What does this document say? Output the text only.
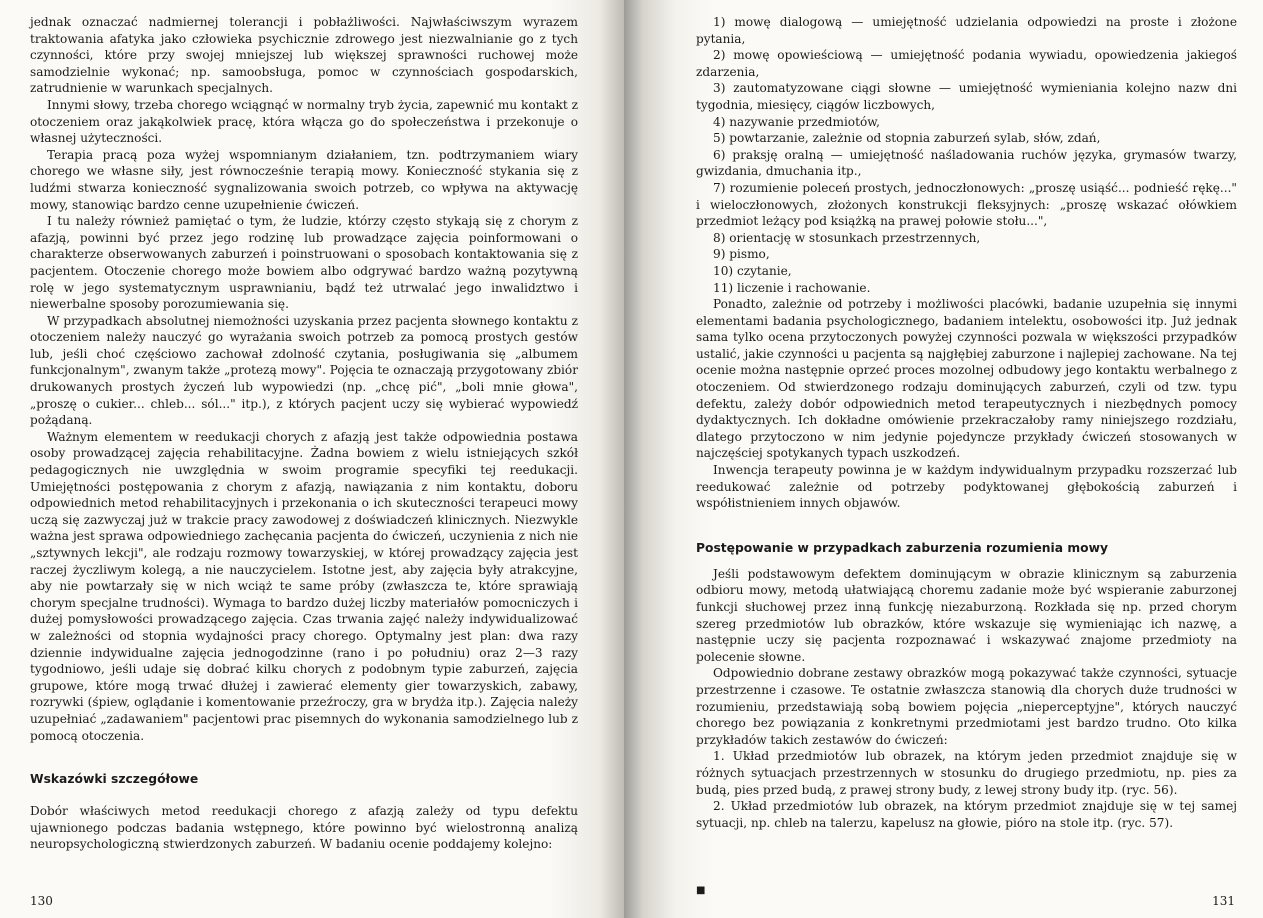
jednak oznaczać nadmiernej tolerancji i pobłażliwości. Najwłaściwszym wyrazem traktowania afatyka jako człowieka psychicznie zdrowego jest niezwalnianie go z tych czynności, które przy swojej mniejszej lub większej sprawności ruchowej może samodzielnie wykonać; np. samoobsługa, pomoc w czynnościach gospodarskich, zatrudnienie w warunkach specjalnych.

Innymi słowy, trzeba chorego wciągnąć w normalny tryb życia, zapewnić mu kontakt z otoczeniem oraz jakąkolwiek pracę, która włącza go do społeczeństwa i przekonuje o własnej użyteczności.

Terapia pracą poza wyżej wspomnianym działaniem, tzn. podtrzymaniem wiary chorego we własne siły, jest równocześnie terapią mowy. Konieczność stykania się z ludźmi stwarza konieczność sygnalizowania swoich potrzeb, co wpływa na aktywację mowy, stanowiąc bardzo cenne uzupełnienie ćwiczeń.

I tu należy również pamiętać o tym, że ludzie, którzy często stykają się z chorym z afazją, powinni być przez jego rodzinę lub prowadzące zajęcia poinformowani o charakterze obserwowanych zaburzeń i poinstruowani o sposobach kontaktowania się z pacjentem. Otoczenie chorego może bowiem albo odgrywać bardzo ważną pozytywną rolę w jego systematycznym usprawnianiu, bądź też utrwalać jego inwalidztwo i niewerbalne sposoby porozumiewania się.

W przypadkach absolutnej niemożności uzyskania przez pacjenta słownego kontaktu z otoczeniem należy nauczyć go wyrażania swoich potrzeb za pomocą prostych gestów lub, jeśli choć częściowo zachował zdolność czytania, posługiwania się „albumem funkcjonalnym", zwanym także „protezą mowy". Pojęcia te oznaczają przygotowany zbiór drukowanych prostych życzeń lub wypowiedzi (np. „chcę pić", „boli mnie głowa", „proszę o cukier... chleb... sól..." itp.), z których pacjent uczy się wybierać wypowiedź pożądaną.

Ważnym elementem w reedukacji chorych z afazją jest także odpowiednia postawa osoby prowadzącej zajęcia rehabilitacyjne. Żadna bowiem z wielu istniejących szkół pedagogicznych nie uwzględnia w swoim programie specyfiki tej reedukacji. Umiejętności postępowania z chorym z afazją, nawiązania z nim kontaktu, doboru odpowiednich metod rehabilitacyjnych i przekonania o ich skuteczności terapeuci mowy uczą się zazwyczaj już w trakcie pracy zawodowej z doświadczeń klinicznych. Niezwykle ważna jest sprawa odpowiedniego zachęcania pacjenta do ćwiczeń, uczynienia z nich nie „sztywnych lekcji", ale rodzaju rozmowy towarzyskiej, w której prowadzący zajęcia jest raczej życzliwym kolegą, a nie nauczycielem. Istotne jest, aby zajęcia były atrakcyjne, aby nie powtarzały się w nich wciąż te same próby (zwłaszcza te, które sprawiają chorym specjalne trudności). Wymaga to bardzo dużej liczby materiałów pomocniczych i dużej pomysłowości prowadzącego zajęcia. Czas trwania zajęć należy indywidualizować w zależności od stopnia wydajności pracy chorego. Optymalny jest plan: dwa razy dziennie indywidualne zajęcia jednogodzinne (rano i po południu) oraz 2—3 razy tygodniowo, jeśli udaje się dobrać kilku chorych z podobnym typie zaburzeń, zajęcia grupowe, które mogą trwać dłużej i zawierać elementy gier towarzyskich, zabawy, rozrywki (śpiew, oglądanie i komentowanie przeźroczy, gra w brydża itp.). Zajęcia należy uzupełniać „zadawaniem" pacjentowi prac pisemnych do wykonania samodzielnego lub z pomocą otoczenia.

Wskazówki szczegółowe

Dobór właściwych metod reedukacji chorego z afazją zależy od typu defektu ujawnionego podczas badania wstępnego, które powinno być wielostronną analizą neuropsychologiczną stwierdzonych zaburzeń. W badaniu ocenie poddajemy kolejno:

130
1) mowę dialogową — umiejętność udzielania odpowiedzi na proste i złożone pytania,
2) mowę opowieściową — umiejętność podania wywiadu, opowiedzenia jakiegoś zdarzenia,
3) zautomatyzowane ciągi słowne — umiejętność wymieniania kolejno nazw dni tygodnia, miesięcy, ciągów liczbowych,
4) nazywanie przedmiotów,
5) powtarzanie, zależnie od stopnia zaburzeń sylab, słów, zdań,
6) praksję oralną — umiejętność naśladowania ruchów języka, grymasów twarzy, gwizdania, dmuchania itp.,
7) rozumienie poleceń prostych, jednoczłonowych: „proszę usiąść... podnieść rękę..." i wieloczłonowych, złożonych konstrukcji fleksyjnych: „proszę wskazać ołówkiem przedmiot leżący pod książką na prawej połowie stołu...",
8) orientację w stosunkach przestrzennych,
9) pismo,
10) czytanie,
11) liczenie i rachowanie.

Ponadto, zależnie od potrzeby i możliwości placówki, badanie uzupełnia się innymi elementami badania psychologicznego, badaniem intelektu, osobowości itp. Już jednak sama tylko ocena przytoczonych powyżej czynności pozwala w większości przypadków ustalić, jakie czynności u pacjenta są najgłębiej zaburzone i najlepiej zachowane. Na tej ocenie można następnie oprzeć proces mozolnej odbudowy jego kontaktu werbalnego z otoczeniem. Od stwierdzonego rodzaju dominujących zaburzeń, czyli od tzw. typu defektu, zależy dobór odpowiednich metod terapeutycznych i niezbędnych pomocy dydaktycznych. Ich dokładne omówienie przekraczałoby ramy niniejszego rozdziału, dlatego przytoczono w nim jedynie pojedyncze przykłady ćwiczeń stosowanych w najczęściej spotykanych typach uszkodzeń.

Inwencja terapeuty powinna je w każdym indywidualnym przypadku rozszerzać lub reedukować zależnie od potrzeby podyktowanej głębokością zaburzeń i współistnieniem innych objawów.

Postępowanie w przypadkach zaburzenia rozumienia mowy

Jeśli podstawowym defektem dominującym w obrazie klinicznym są zaburzenia odbioru mowy, metodą ułatwiającą choremu zadanie może być wspieranie zaburzonej funkcji słuchowej przez inną funkcję niezaburzoną. Rozkłada się np. przed chorym szereg przedmiotów lub obrazków, które wskazuje się wymieniając ich nazwę, a następnie uczy się pacjenta rozpoznawać i wskazywać znajome przedmioty na polecenie słowne.

Odpowiednio dobrane zestawy obrazków mogą pokazywać także czynności, sytuacje przestrzenne i czasowe. Te ostatnie zwłaszcza stanowią dla chorych duże trudności w rozumieniu, przedstawiają sobą bowiem pojęcia „nieperceptyjne", których nauczyć chorego bez powiązania z konkretnymi przedmiotami jest bardzo trudno. Oto kilka przykładów takich zestawów do ćwiczeń:

1. Układ przedmiotów lub obrazek, na którym jeden przedmiot znajduje się w różnych sytuacjach przestrzennych w stosunku do drugiego przedmiotu, np. pies za budą, pies przed budą, z prawej strony budy, z lewej strony budy itp. (ryc. 56).

2. Układ przedmiotów lub obrazek, na którym przedmiot znajduje się w tej samej sytuacji, np. chleb na talerzu, kapelusz na głowie, pióro na stole itp. (ryc. 57).

■
131
